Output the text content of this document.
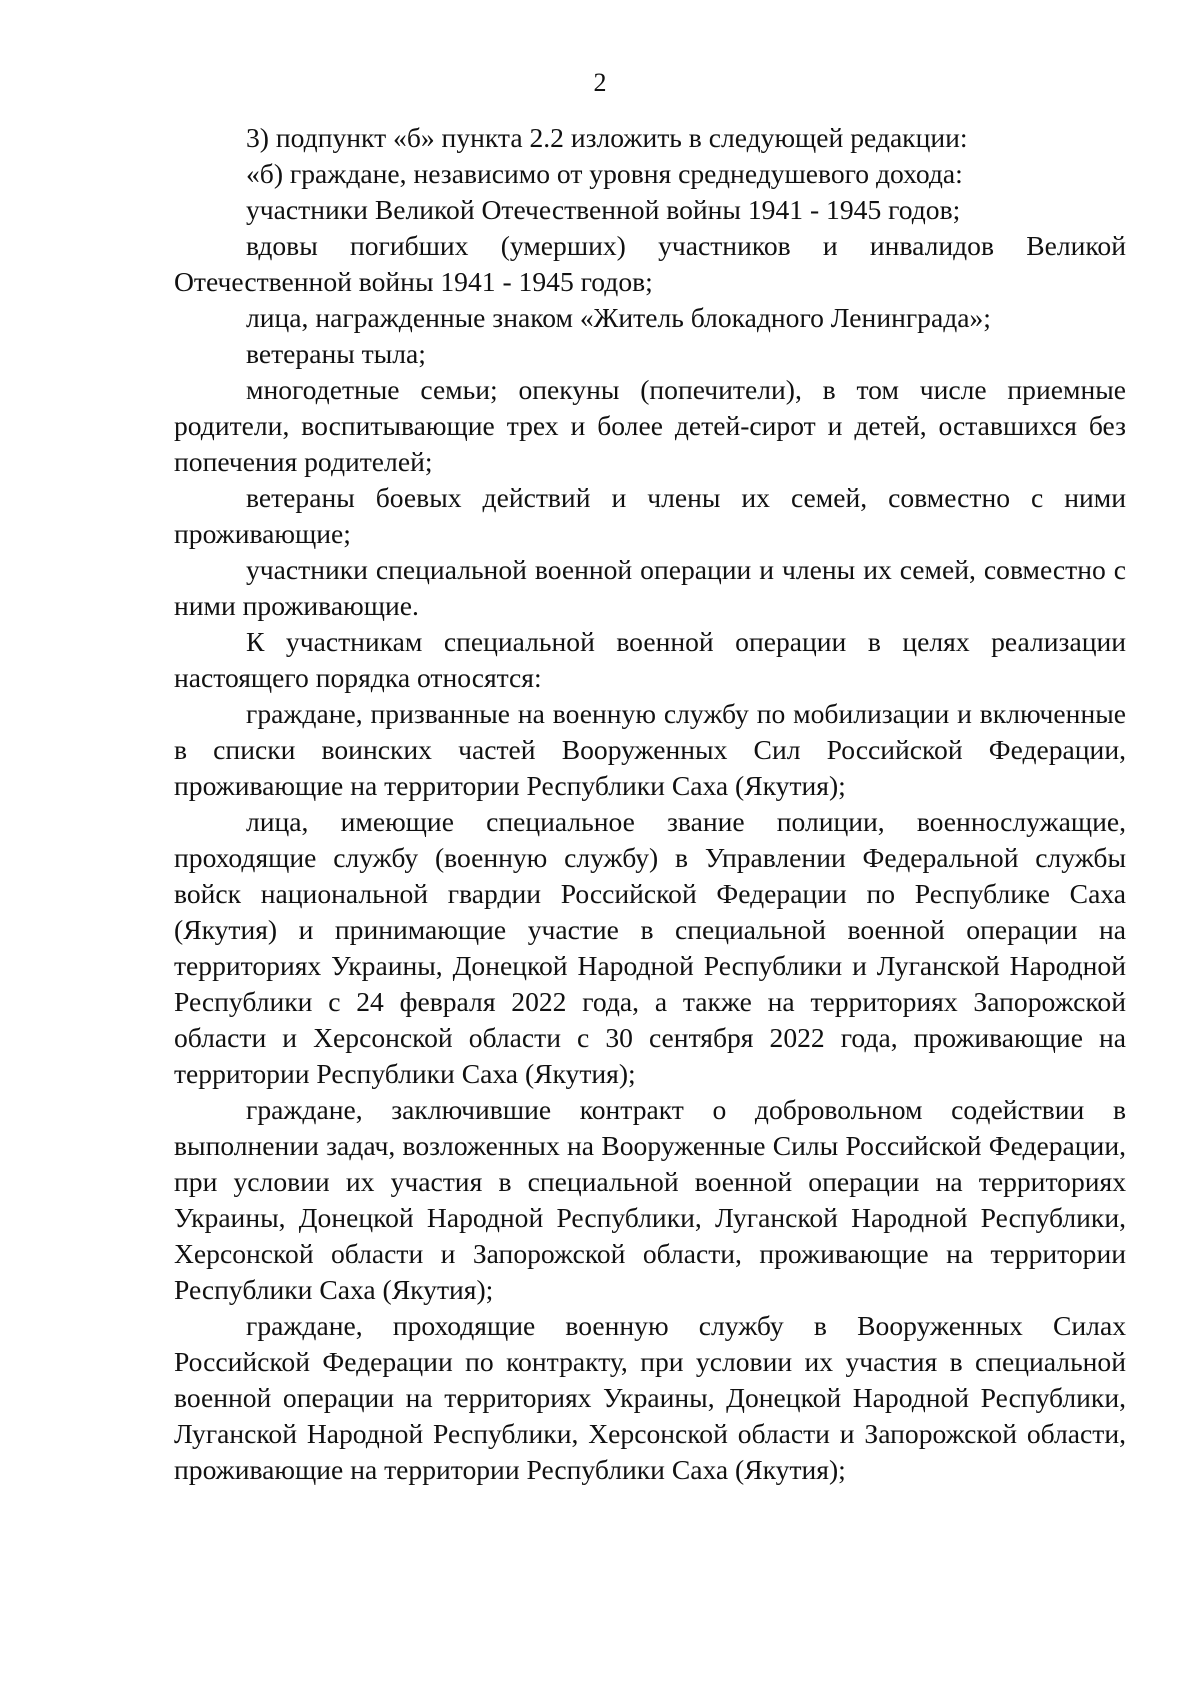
2

3) подпункт «б» пункта 2.2 изложить в следующей редакции:

«б) граждане, независимо от уровня среднедушевого дохода:

участники Великой Отечественной войны 1941 - 1945 годов;

вдовы погибших (умерших) участников и инвалидов Великой Отечественной войны 1941 - 1945 годов;

лица, награжденные знаком «Житель блокадного Ленинграда»;

ветераны тыла;

многодетные семьи; опекуны (попечители), в том числе приемные родители, воспитывающие трех и более детей-сирот и детей, оставшихся без попечения родителей;

ветераны боевых действий и члены их семей, совместно с ними проживающие;

участники специальной военной операции и члены их семей, совместно с ними проживающие.

К участникам специальной военной операции в целях реализации настоящего порядка относятся:

граждане, призванные на военную службу по мобилизации и включенные в списки воинских частей Вооруженных Сил Российской Федерации, проживающие на территории Республики Саха (Якутия);

лица, имеющие специальное звание полиции, военнослужащие, проходящие службу (военную службу) в Управлении Федеральной службы войск национальной гвардии Российской Федерации по Республике Саха (Якутия) и принимающие участие в специальной военной операции на территориях Украины, Донецкой Народной Республики и Луганской Народной Республики с 24 февраля 2022 года, а также на территориях Запорожской области и Херсонской области с 30 сентября 2022 года, проживающие на территории Республики Саха (Якутия);

граждане, заключившие контракт о добровольном содействии в выполнении задач, возложенных на Вооруженные Силы Российской Федерации, при условии их участия в специальной военной операции на территориях Украины, Донецкой Народной Республики, Луганской Народной Республики, Херсонской области и Запорожской области, проживающие на территории Республики Саха (Якутия);

граждане, проходящие военную службу в Вооруженных Силах Российской Федерации по контракту, при условии их участия в специальной военной операции на территориях Украины, Донецкой Народной Республики, Луганской Народной Республики, Херсонской области и Запорожской области, проживающие на территории Республики Саха (Якутия);
